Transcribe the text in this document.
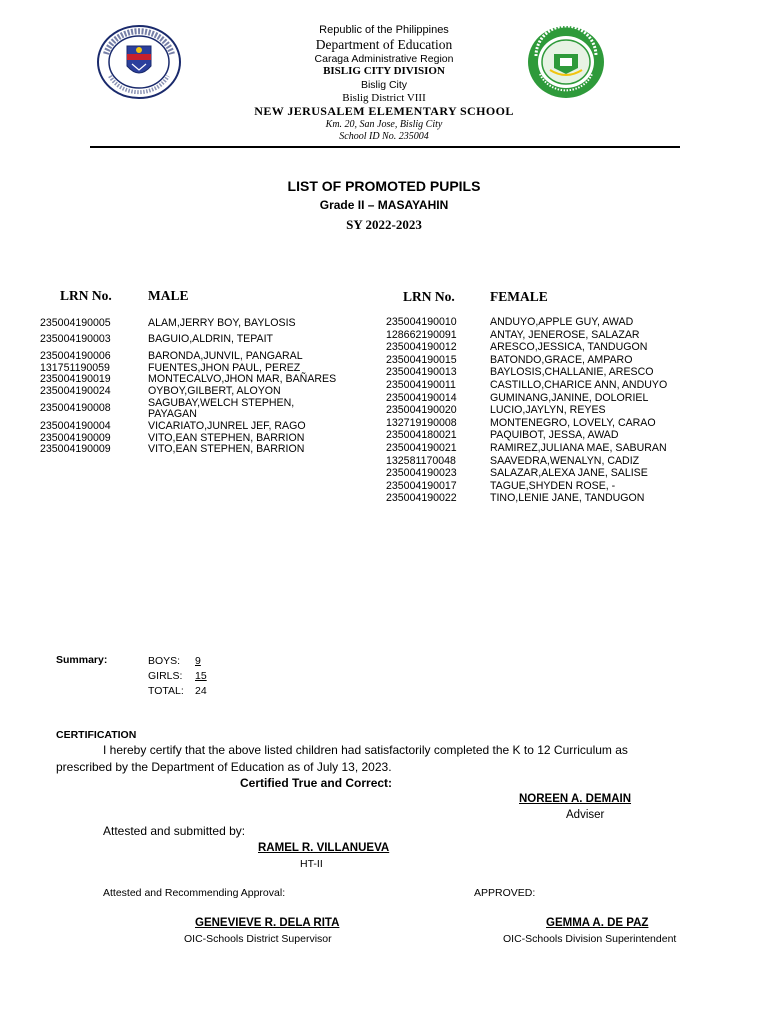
Republic of the Philippines
Department of Education
Caraga Administrative Region
BISLIG CITY DIVISION
Bislig City
Bislig District VIII
NEW JERUSALEM ELEMENTARY SCHOOL
Km. 20, San Jose, Bislig City
School ID No. 235004
LIST OF PROMOTED PUPILS
Grade II – MASAYAHIN
SY 2022-2023
LRN No.	MALE	LRN No.	FEMALE
235004190005	ALAM,JERRY BOY, BAYLOSIS
235004190003	BAGUIO,ALDRIN, TEPAIT
235004190006	BARONDA,JUNVIL, PANGARAL
131751190059	FUENTES,JHON PAUL, PEREZ
235004190019	MONTECALVO,JHON MAR, BAÑARES
235004190024	OYBOY,GILBERT, ALOYON
235004190008	SAGUBAY,WELCH STEPHEN,
PAYAGAN
235004190004	VICARIATO,JUNREL JEF, RAGO
235004190009	VITO,EAN STEPHEN, BARRION
235004190009	VITO,EAN STEPHEN, BARRION
235004190010	ANDUYO,APPLE GUY, AWAD
128662190091	ANTAY, JENEROSE, SALAZAR
235004190012	ARESCO,JESSICA, TANDUGON
235004190015	BATONDO,GRACE, AMPARO
235004190013	BAYLOSIS,CHALLANIE, ARESCO
235004190011	CASTILLO,CHARICE ANN, ANDUYO
235004190014	GUMINANG,JANINE, DOLORIEL
235004190020	LUCIO,JAYLYN, REYES
132719190008	MONTENEGRO, LOVELY, CARAO
235004180021	PAQUIBOT, JESSA, AWAD
235004190021	RAMIREZ,JULIANA MAE, SABURAN
132581170048	SAAVEDRA,WENALYN, CADIZ
235004190023	SALAZAR,ALEXA JANE, SALISE
235004190017	TAGUE,SHYDEN ROSE, -
235004190022	TINO,LENIE JANE, TANDUGON
Summary:	BOYS: 9
GIRLS: 15
TOTAL: 24
CERTIFICATION
I hereby certify that the above listed children had satisfactorily completed the K to 12 Curriculum as
prescribed by the Department of Education as of July 13, 2023.
Certified True and Correct:
NOREEN A. DEMAIN
Adviser
Attested and submitted by:
RAMEL R. VILLANUEVA
HT-II
Attested and Recommending Approval:	APPROVED:
GENEVIEVE R. DELA RITA
OIC-Schools District Supervisor
GEMMA A. DE PAZ
OIC-Schools Division Superintendent
